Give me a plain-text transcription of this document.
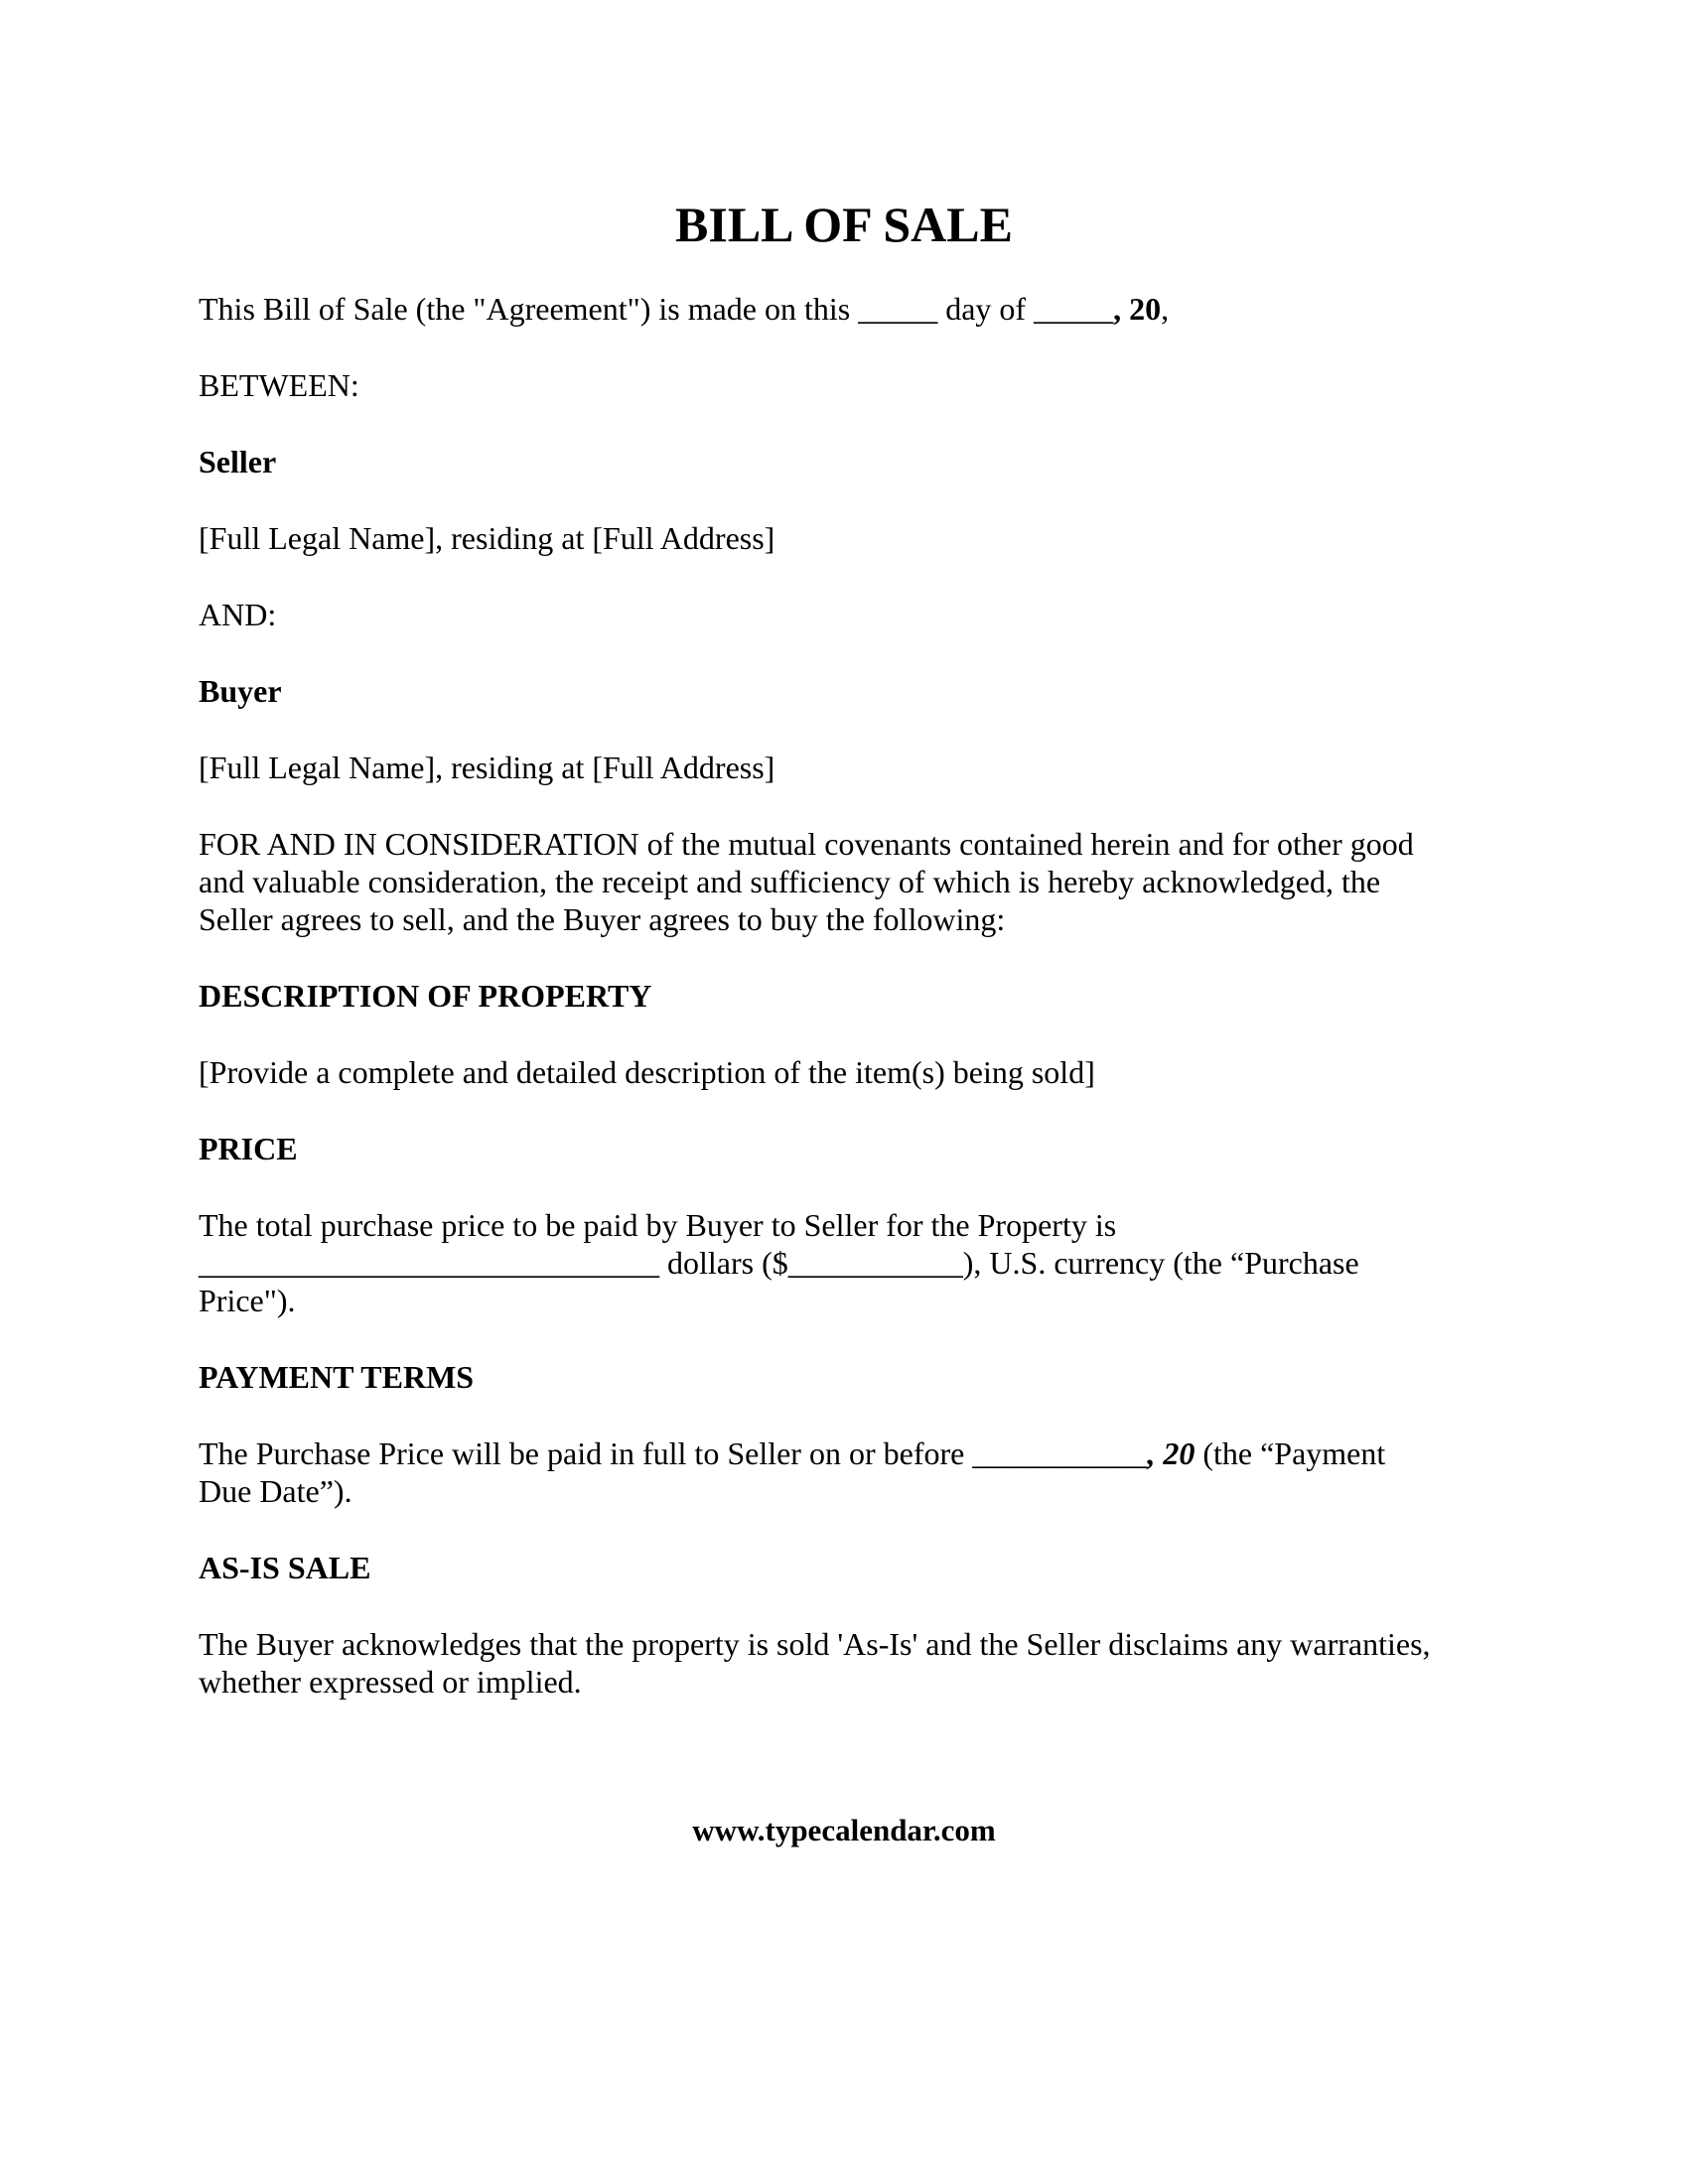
BILL OF SALE

This Bill of Sale (the "Agreement") is made on this _____ day of _____, 20,

BETWEEN:

Seller

[Full Legal Name], residing at [Full Address]

AND:

Buyer

[Full Legal Name], residing at [Full Address]

FOR AND IN CONSIDERATION of the mutual covenants contained herein and for other good
and valuable consideration, the receipt and sufficiency of which is hereby acknowledged, the
Seller agrees to sell, and the Buyer agrees to buy the following:

DESCRIPTION OF PROPERTY

[Provide a complete and detailed description of the item(s) being sold]

PRICE

The total purchase price to be paid by Buyer to Seller for the Property is
_____________________________ dollars ($___________), U.S. currency (the “Purchase
Price").

PAYMENT TERMS

The Purchase Price will be paid in full to Seller on or before ___________, 20 (the “Payment
Due Date”).

AS-IS SALE

The Buyer acknowledges that the property is sold 'As-Is' and the Seller disclaims any warranties,
whether expressed or implied.
www.typecalendar.com
